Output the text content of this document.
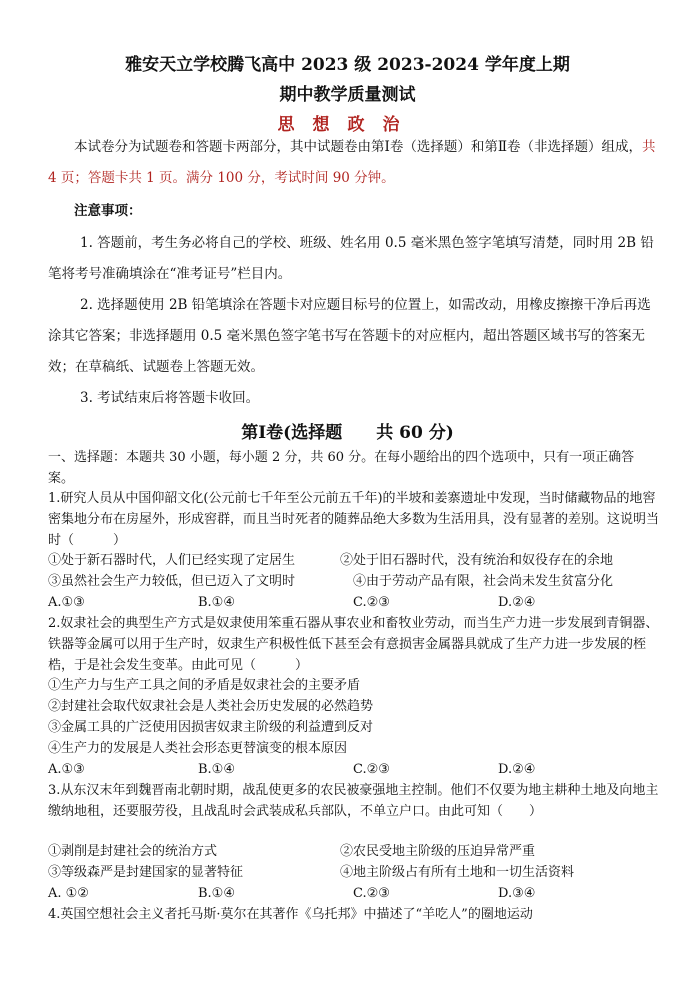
雅安天立学校腾飞高中 2023 级 2023-2024 学年度上期
期中教学质量测试
思想政治
本试卷分为试题卷和答题卡两部分，其中试题卷由第Ⅰ卷（选择题）和第Ⅱ卷（非选择题）组成，共 4 页；答题卡共 1 页。满分 100 分，考试时间 90 分钟。
注意事项：
1. 答题前，考生务必将自己的学校、班级、姓名用 0.5 毫米黑色签字笔填写清楚，同时用 2B 铅笔将考号准确填涂在“准考证号”栏目内。
2. 选择题使用 2B 铅笔填涂在答题卡对应题目标号的位置上，如需改动，用橡皮擦擦干净后再选涂其它答案；非选择题用 0.5 毫米黑色签字笔书写在答题卡的对应框内，超出答题区域书写的答案无效；在草稿纸、试题卷上答题无效。
3. 考试结束后将答题卡收回。
第Ⅰ卷(选择题　　共 60 分)
一、选择题：本题共 30 小题，每小题 2 分，共 60 分。在每小题给出的四个选项中，只有一项正确答案。
1.研究人员从中国仰韶文化(公元前七千年至公元前五千年)的半坡和姜寨遗址中发现，当时储藏物品的地窖密集地分布在房屋外，形成窖群，而且当时死者的随葬品绝大多数为生活用具，没有显著的差别。这说明当时（　　　）
①处于新石器时代，人们已经实现了定居生	②处于旧石器时代，没有统治和奴役存在的余地
③虽然社会生产力较低，但已迈入了文明时	④由于劳动产品有限，社会尚未发生贫富分化
A.①③	B.①④	C.②③	D.②④
2.奴隶社会的典型生产方式是奴隶使用笨重石器从事农业和畜牧业劳动，而当生产力进一步发展到青铜器、铁器等金属可以用于生产时，奴隶生产积极性低下甚至会有意损害金属器具就成了生产力进一步发展的桎梏，于是社会发生变革。由此可见（　　　）
①生产力与生产工具之间的矛盾是奴隶社会的主要矛盾
②封建社会取代奴隶社会是人类社会历史发展的必然趋势
③金属工具的广泛使用因损害奴隶主阶级的利益遭到反对
④生产力的发展是人类社会形态更替演变的根本原因
A.①③	B.①④	C.②③	D.②④
3.从东汉末年到魏晋南北朝时期，战乱使更多的农民被豪强地主控制。他们不仅要为地主耕种土地及向地主缴纳地租，还要服劳役，且战乱时会武装成私兵部队，不单立户口。由此可知（　　）
①剥削是封建社会的统治方式	②农民受地主阶级的压迫异常严重
③等级森严是封建国家的显著特征	④地主阶级占有所有土地和一切生活资料
A. ①②	B.①④	C.②③	D.③④
4.英国空想社会主义者托马斯·莫尔在其著作《乌托邦》中描述了“羊吃人”的圈地运动
